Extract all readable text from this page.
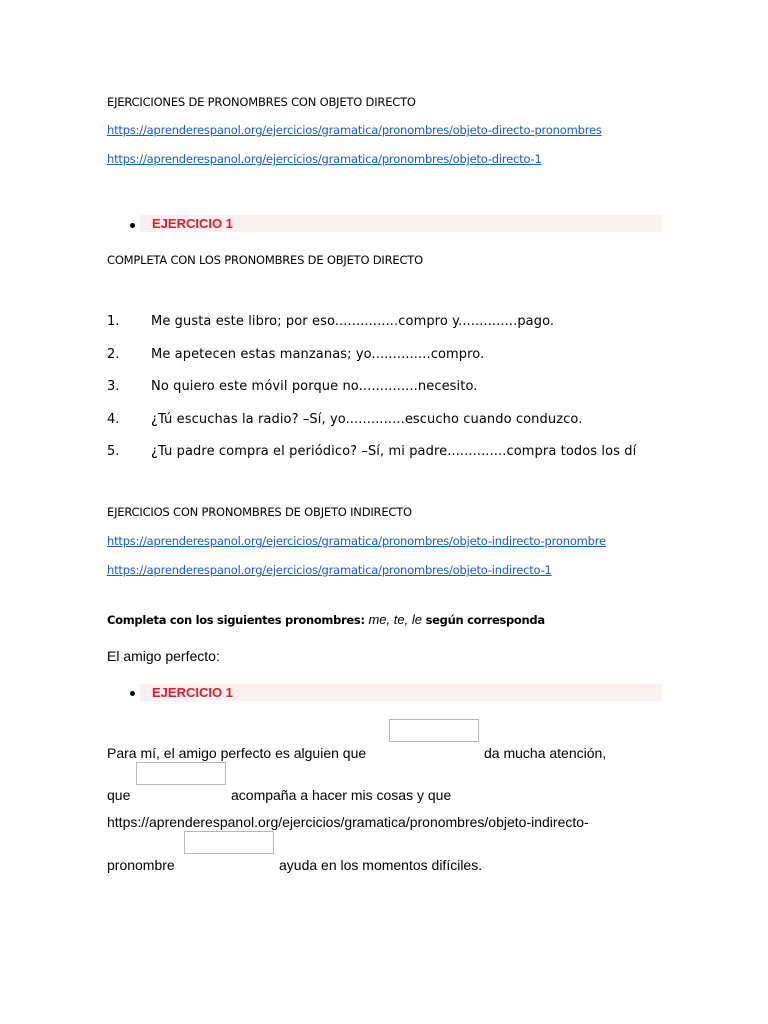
EJERCICIONES DE PRONOMBRES CON OBJETO DIRECTO
https://aprenderespanol.org/ejercicios/gramatica/pronombres/objeto-directo-pronombres
https://aprenderespanol.org/ejercicios/gramatica/pronombres/objeto-directo-1
EJERCICIO 1
COMPLETA CON LOS PRONOMBRES DE OBJETO DIRECTO
1. Me gusta este libro; por eso...............compro y..............pago.
2. Me apetecen estas manzanas; yo..............compro.
3. No quiero este móvil porque no..............necesito.
4. ¿Tú escuchas la radio? –Sí, yo..............escucho cuando conduzco.
5. ¿Tu padre compra el periódico? –Sí, mi padre..............compra todos los dí
EJERCICIOS CON PRONOMBRES DE OBJETO INDIRECTO
https://aprenderespanol.org/ejercicios/gramatica/pronombres/objeto-indirecto-pronombre
https://aprenderespanol.org/ejercicios/gramatica/pronombres/objeto-indirecto-1
Completa con los siguientes pronombres: me, te, le según corresponda
El amigo perfecto:
EJERCICIO 1
Para mí, el amigo perfecto es alguien que	da mucha atención,
que	acompaña a hacer mis cosas y que
https://aprenderespanol.org/ejercicios/gramatica/pronombres/objeto-indirecto-
pronombre	ayuda en los momentos difíciles.
